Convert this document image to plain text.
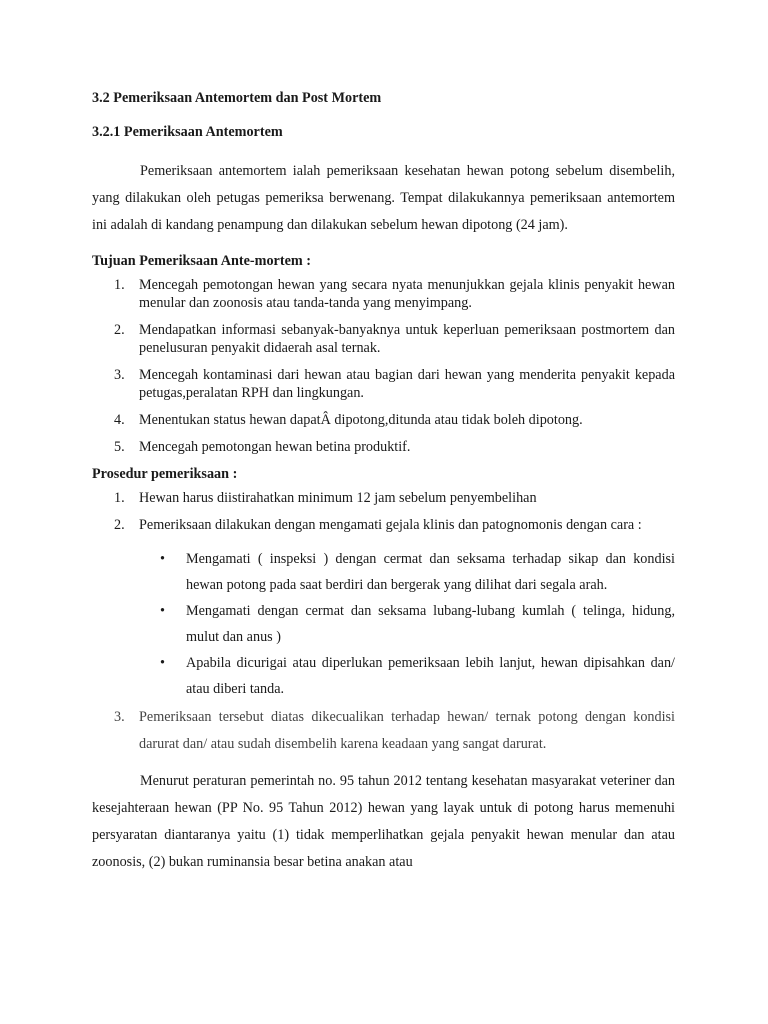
3.2 Pemeriksaan Antemortem dan Post Mortem

3.2.1 Pemeriksaan Antemortem

Pemeriksaan antemortem ialah pemeriksaan kesehatan hewan potong sebelum disembelih, yang dilakukan oleh petugas pemeriksa berwenang. Tempat dilakukannya pemeriksaan antemortem ini adalah di kandang penampung dan dilakukan sebelum hewan dipotong (24 jam).

Tujuan Pemeriksaan Ante-mortem :

1. Mencegah pemotongan hewan yang secara nyata menunjukkan gejala klinis penyakit hewan menular dan zoonosis atau tanda-tanda yang menyimpang.
2. Mendapatkan informasi sebanyak-banyaknya untuk keperluan pemeriksaan postmortem dan penelusuran penyakit didaerah asal ternak.
3. Mencegah kontaminasi dari hewan atau bagian dari hewan yang menderita penyakit kepada petugas,peralatan RPH dan lingkungan.
4. Menentukan status hewan dapatÂ dipotong,ditunda atau tidak boleh dipotong.
5. Mencegah pemotongan hewan betina produktif.

Prosedur pemeriksaan :

1. Hewan harus diistirahatkan minimum 12 jam sebelum penyembelihan
2. Pemeriksaan dilakukan dengan mengamati gejala klinis dan patognomonis dengan cara :
• Mengamati ( inspeksi ) dengan cermat dan seksama terhadap sikap dan kondisi hewan potong pada saat berdiri dan bergerak yang dilihat dari segala arah.
• Mengamati dengan cermat dan seksama lubang-lubang kumlah ( telinga, hidung, mulut dan anus )
• Apabila dicurigai atau diperlukan pemeriksaan lebih lanjut, hewan dipisahkan dan/ atau diberi tanda.
3. Pemeriksaan tersebut diatas dikecualikan terhadap hewan/ ternak potong dengan kondisi darurat dan/ atau sudah disembelih karena keadaan yang sangat darurat.

Menurut peraturan pemerintah no. 95 tahun 2012 tentang kesehatan masyarakat veteriner dan kesejahteraan hewan (PP No. 95 Tahun 2012) hewan yang layak untuk di potong harus memenuhi persyaratan diantaranya yaitu (1) tidak memperlihatkan gejala penyakit hewan menular dan atau zoonosis, (2) bukan ruminansia besar betina anakan atau
